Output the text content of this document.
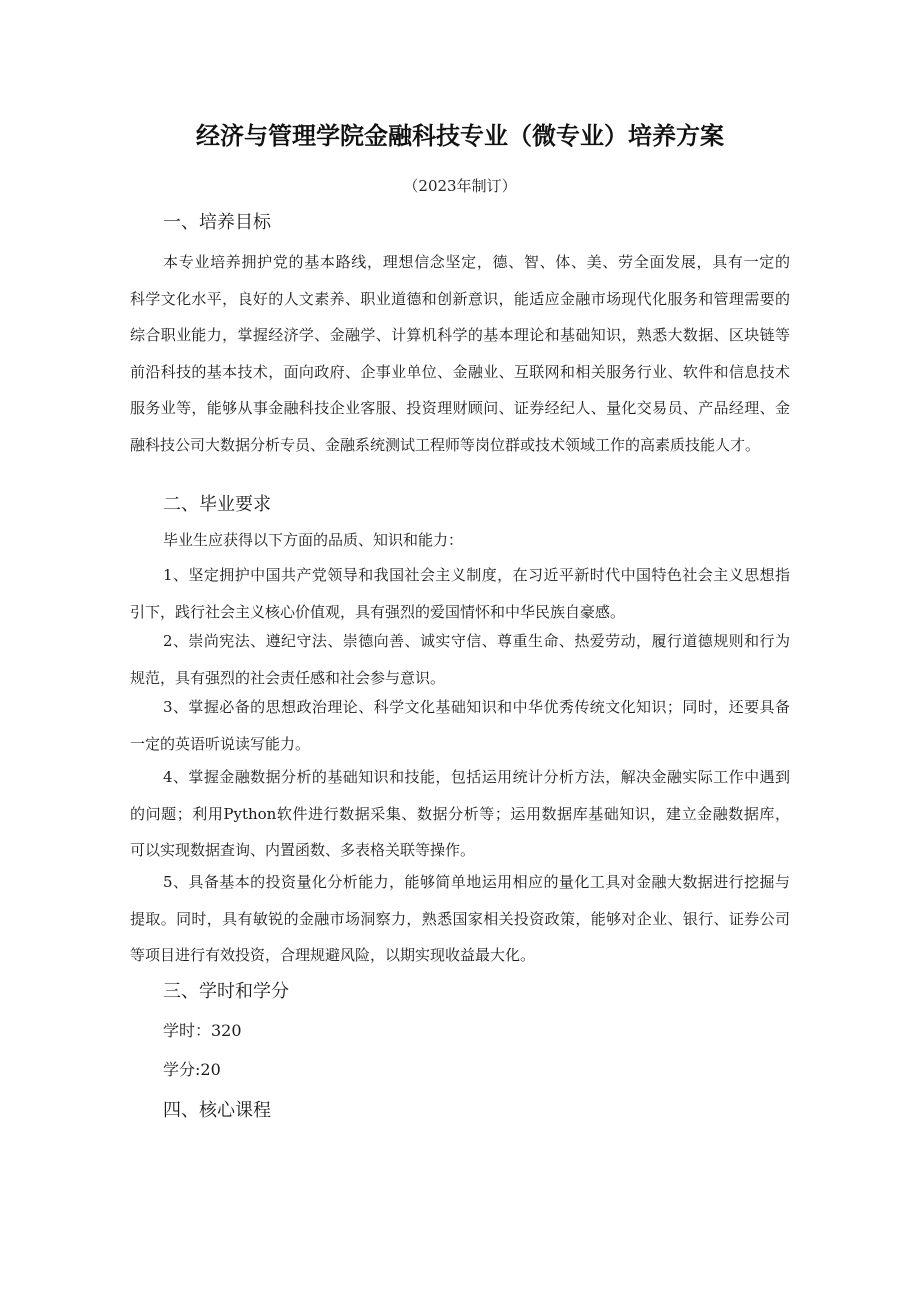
经济与管理学院金融科技专业（微专业）培养方案
（2023年制订）
一、培养目标
本专业培养拥护党的基本路线，理想信念坚定，德、智、体、美、劳全面发展，具有一定的
科学文化水平，良好的人文素养、职业道德和创新意识，能适应金融市场现代化服务和管理需要的
综合职业能力，掌握经济学、金融学、计算机科学的基本理论和基础知识，熟悉大数据、区块链等
前沿科技的基本技术，面向政府、企事业单位、金融业、互联网和相关服务行业、软件和信息技术
服务业等，能够从事金融科技企业客服、投资理财顾问、证券经纪人、量化交易员、产品经理、金
融科技公司大数据分析专员、金融系统测试工程师等岗位群或技术领域工作的高素质技能人才。
二、毕业要求
毕业生应获得以下方面的品质、知识和能力：
1、坚定拥护中国共产党领导和我国社会主义制度，在习近平新时代中国特色社会主义思想指
引下，践行社会主义核心价值观，具有强烈的爱国情怀和中华民族自豪感。
2、崇尚宪法、遵纪守法、崇德向善、诚实守信、尊重生命、热爱劳动，履行道德规则和行为
规范，具有强烈的社会责任感和社会参与意识。
3、掌握必备的思想政治理论、科学文化基础知识和中华优秀传统文化知识；同时，还要具备
一定的英语听说读写能力。
4、掌握金融数据分析的基础知识和技能，包括运用统计分析方法，解决金融实际工作中遇到
的问题；利用Python软件进行数据采集、数据分析等；运用数据库基础知识，建立金融数据库，
可以实现数据查询、内置函数、多表格关联等操作。
5、具备基本的投资量化分析能力，能够简单地运用相应的量化工具对金融大数据进行挖掘与
提取。同时，具有敏锐的金融市场洞察力，熟悉国家相关投资政策，能够对企业、银行、证券公司
等项目进行有效投资，合理规避风险，以期实现收益最大化。
三、学时和学分
学时：320
学分:20
四、核心课程
